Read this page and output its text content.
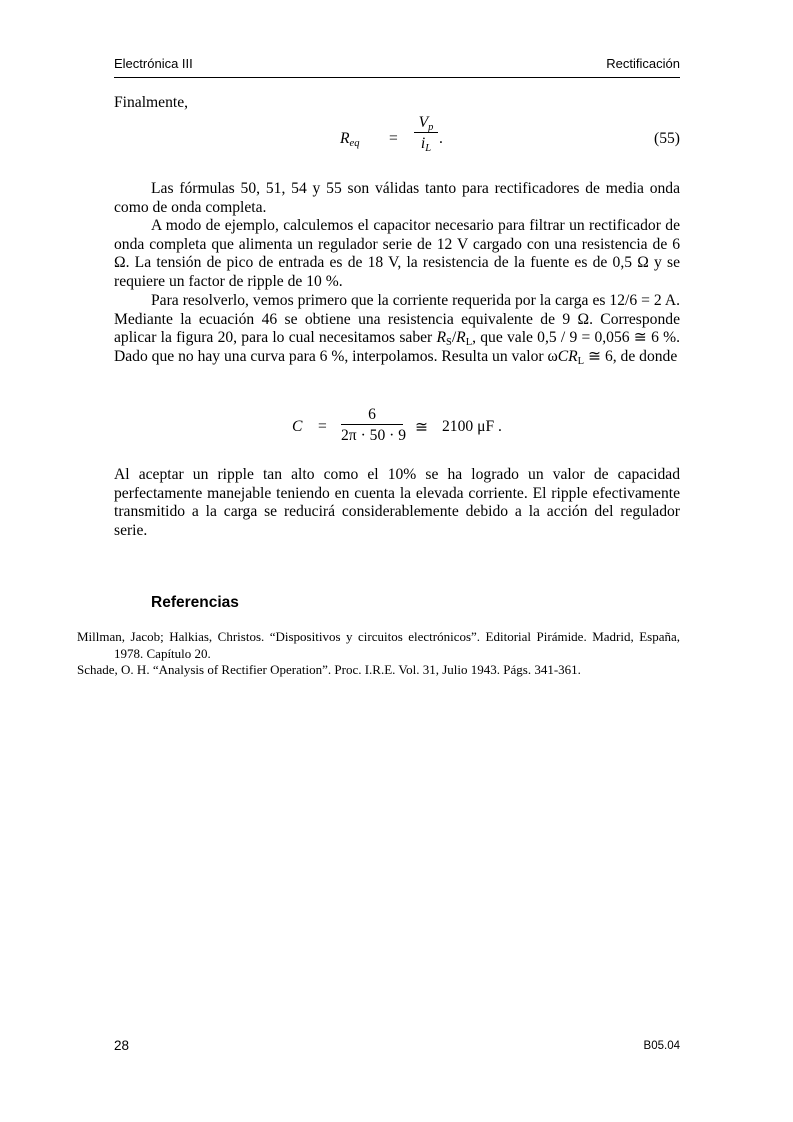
Electrónica III	Rectificación
Finalmente,
$R_{eq} = \frac{V_p}{i_L}$ .	(55)
Las fórmulas 50, 51, 54 y 55 son válidas tanto para rectificadores de media onda como de onda completa.
A modo de ejemplo, calculemos el capacitor necesario para filtrar un rectificador de onda completa que alimenta un regulador serie de 12 V cargado con una resistencia de 6 Ω. La tensión de pico de entrada es de 18 V, la resistencia de la fuente es de 0,5 Ω y se requiere un factor de ripple de 10 %.
Para resolverlo, vemos primero que la corriente requerida por la carga es 12/6 = 2 A. Mediante la ecuación 46 se obtiene una resistencia equivalente de 9 Ω. Corresponde aplicar la figura 20, para lo cual necesitamos saber $R_S/R_L$, que vale 0,5 / 9 = 0,056 ≅ 6 %. Dado que no hay una curva para 6 %, interpolamos. Resulta un valor ωCR$_L$ ≅ 6, de donde
$C = \frac{6}{2\pi \cdot 50 \cdot 9}$ ≅ 2100 μF .
Al aceptar un ripple tan alto como el 10% se ha logrado un valor de capacidad perfectamente manejable teniendo en cuenta la elevada corriente. El ripple efectivamente transmitido a la carga se reducirá considerablemente debido a la acción del regulador serie.
Referencias
Millman, Jacob; Halkias, Christos. “Dispositivos y circuitos electrónicos”. Editorial Pirámide. Madrid, España, 1978. Capítulo 20.
Schade, O. H. “Analysis of Rectifier Operation”. Proc. I.R.E. Vol. 31, Julio 1943. Págs. 341-361.
28	B05.04
